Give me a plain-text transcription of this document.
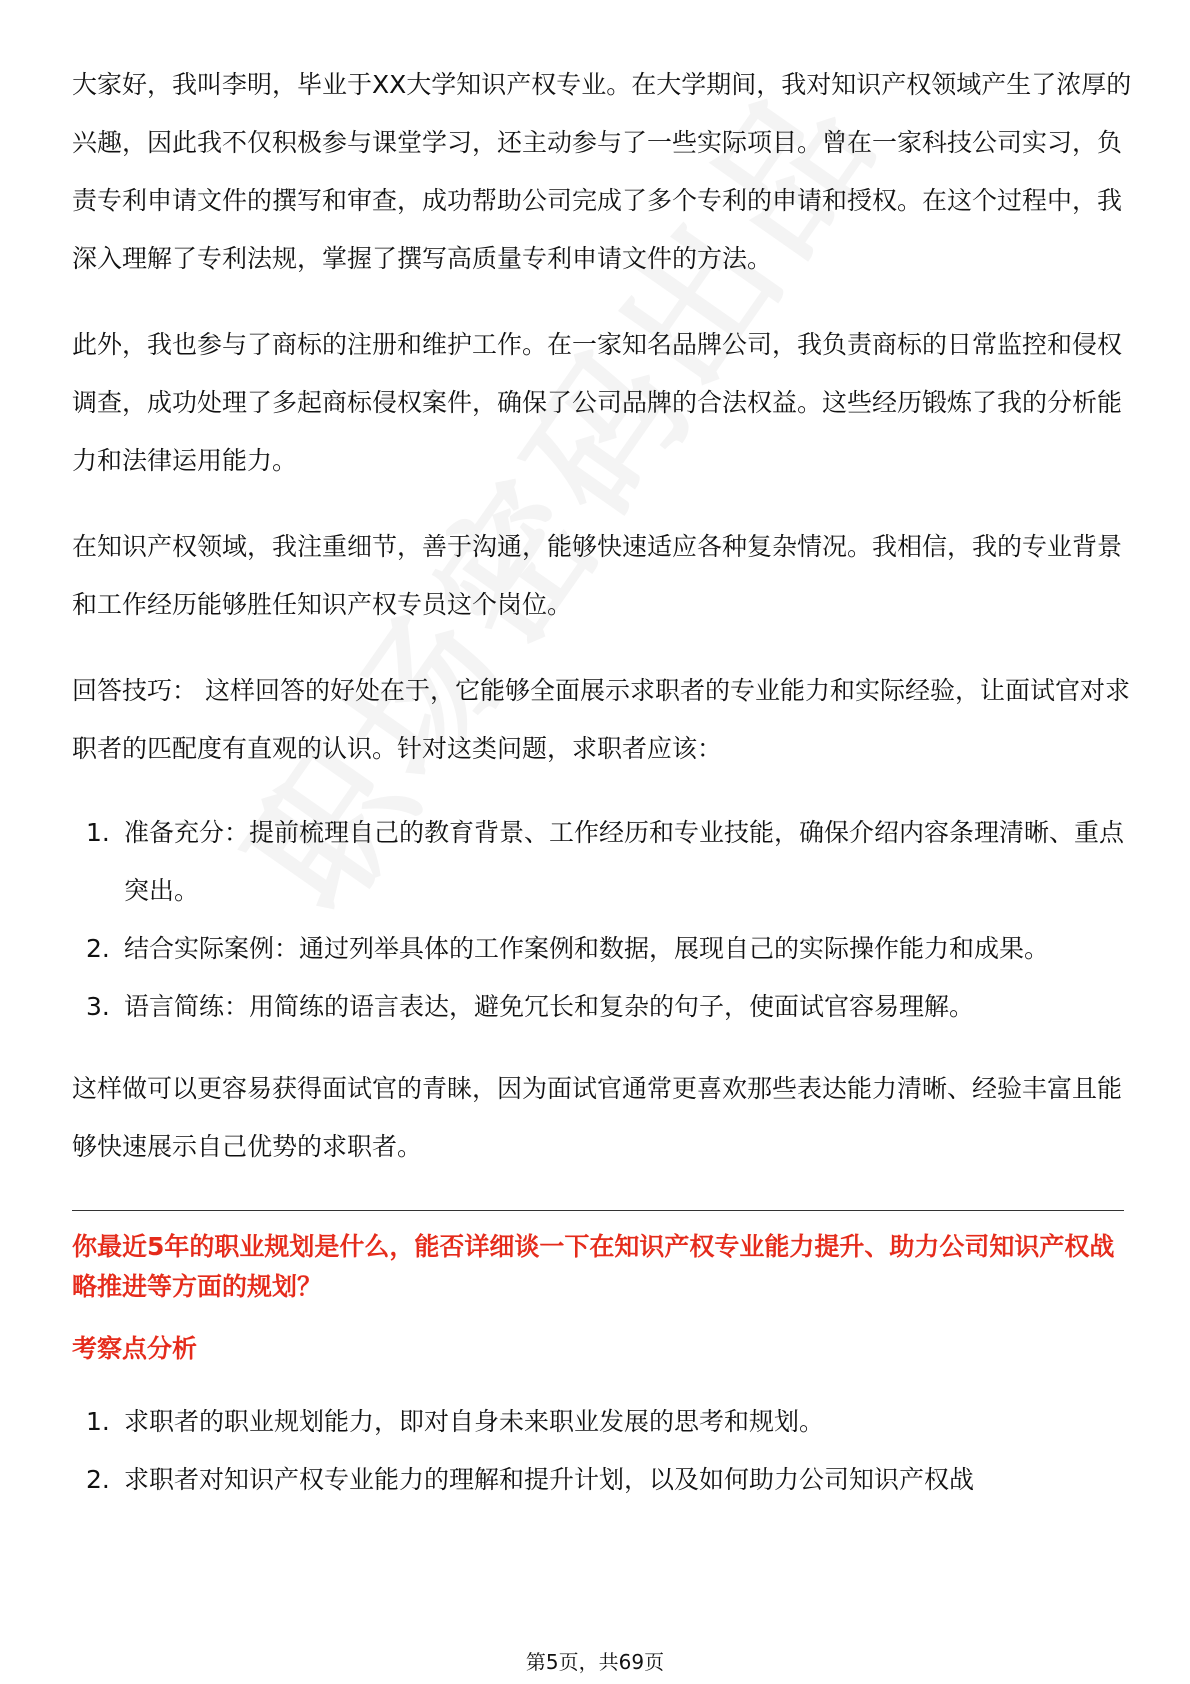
大家好，我叫李明，毕业于XX大学知识产权专业。在大学期间，我对知识产权领域产生了浓厚的兴趣，因此我不仅积极参与课堂学习，还主动参与了一些实际项目。曾在一家科技公司实习，负责专利申请文件的撰写和审查，成功帮助公司完成了多个专利的申请和授权。在这个过程中，我深入理解了专利法规，掌握了撰写高质量专利申请文件的方法。

此外，我也参与了商标的注册和维护工作。在一家知名品牌公司，我负责商标的日常监控和侵权调查，成功处理了多起商标侵权案件，确保了公司品牌的合法权益。这些经历锻炼了我的分析能力和法律运用能力。

在知识产权领域，我注重细节，善于沟通，能够快速适应各种复杂情况。我相信，我的专业背景和工作经历能够胜任知识产权专员这个岗位。

回答技巧： 这样回答的好处在于，它能够全面展示求职者的专业能力和实际经验，让面试官对求职者的匹配度有直观的认识。针对这类问题，求职者应该：

1. 准备充分：提前梳理自己的教育背景、工作经历和专业技能，确保介绍内容条理清晰、重点突出。
2. 结合实际案例：通过列举具体的工作案例和数据，展现自己的实际操作能力和成果。
3. 语言简练：用简练的语言表达，避免冗长和复杂的句子，使面试官容易理解。

这样做可以更容易获得面试官的青睐，因为面试官通常更喜欢那些表达能力清晰、经验丰富且能够快速展示自己优势的求职者。

你最近5年的职业规划是什么，能否详细谈一下在知识产权专业能力提升、助力公司知识产权战略推进等方面的规划？
考察点分析
1. 求职者的职业规划能力，即对自身未来职业发展的思考和规划。
2. 求职者对知识产权专业能力的理解和提升计划，以及如何助力公司知识产权战
第5页，共69页
